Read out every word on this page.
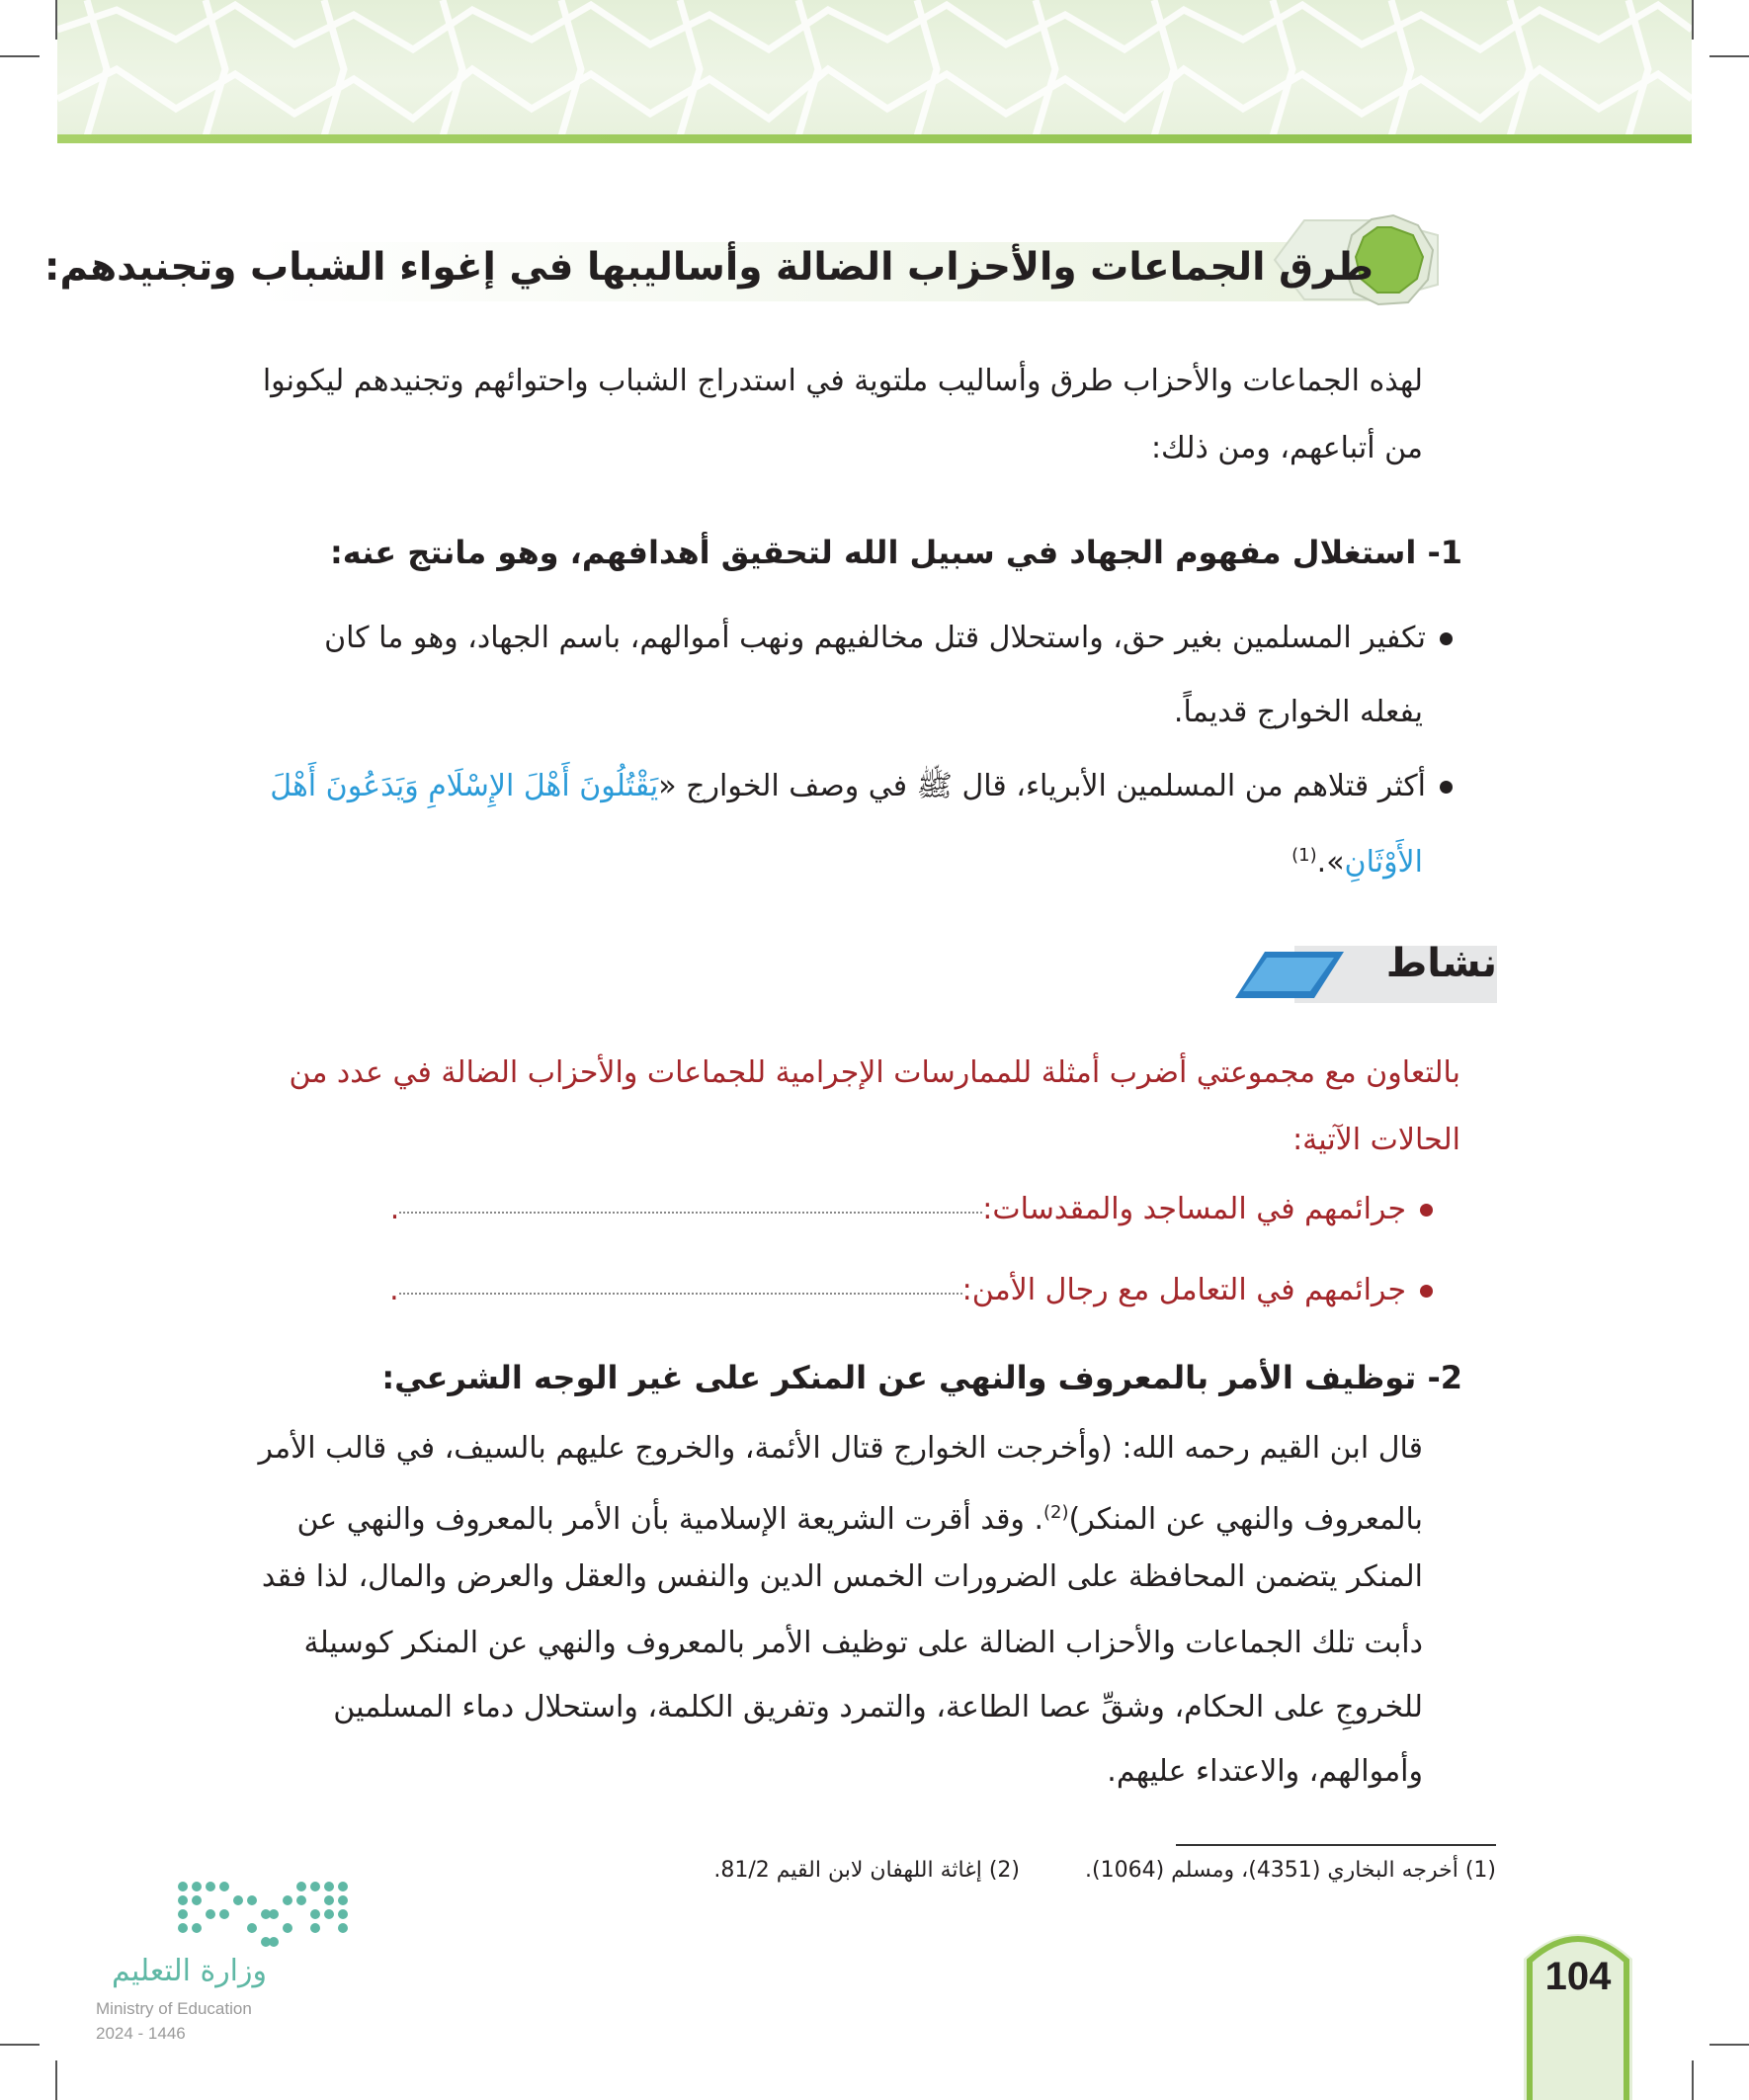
طرق الجماعات والأحزاب الضالة وأساليبها في إغواء الشباب وتجنيدهم:
لهذه الجماعات والأحزاب طرق وأساليب ملتوية في استدراج الشباب واحتوائهم وتجنيدهم ليكونوا
من أتباعهم، ومن ذلك:
1- استغلال مفهوم الجهاد في سبيل الله لتحقيق أهدافهم، وهو مانتج عنه:
تكفير المسلمين بغير حق، واستحلال قتل مخالفيهم ونهب أموالهم، باسم الجهاد، وهو ما كان
يفعله الخوارج قديماً.
أكثر قتلاهم من المسلمين الأبرياء، قال ﷺ في وصف الخوارج «يَقْتُلُونَ أَهْلَ الإِسْلَامِ وَيَدَعُونَ أَهْلَ
الأَوْثَانِ».$^{(1)}$
نشاط
بالتعاون مع مجموعتي أضرب أمثلة للممارسات الإجرامية للجماعات والأحزاب الضالة في عدد من
الحالات الآتية:
جرائمهم في المساجد والمقدسات:.
جرائمهم في التعامل مع رجال الأمن:.
2- توظيف الأمر بالمعروف والنهي عن المنكر على غير الوجه الشرعي:
قال ابن القيم رحمه الله: (وأخرجت الخوارج قتال الأئمة، والخروج عليهم بالسيف، في قالب الأمر
بالمعروف والنهي عن المنكر)$^{(2)}$. وقد أقرت الشريعة الإسلامية بأن الأمر بالمعروف والنهي عن
المنكر يتضمن المحافظة على الضرورات الخمس الدين والنفس والعقل والعرض والمال، لذا فقد
دأبت تلك الجماعات والأحزاب الضالة على توظيف الأمر بالمعروف والنهي عن المنكر كوسيلة
للخروجِ على الحكام، وشقِّ عصا الطاعة، والتمرد وتفريق الكلمة، واستحلال دماء المسلمين
وأموالهم، والاعتداء عليهم.
(1) أخرجه البخاري (4351)، ومسلم (1064).
(2) إغاثة اللهفان لابن القيم 81/2.
وزارة التعليم
Ministry of Education
2024 - 1446
104
